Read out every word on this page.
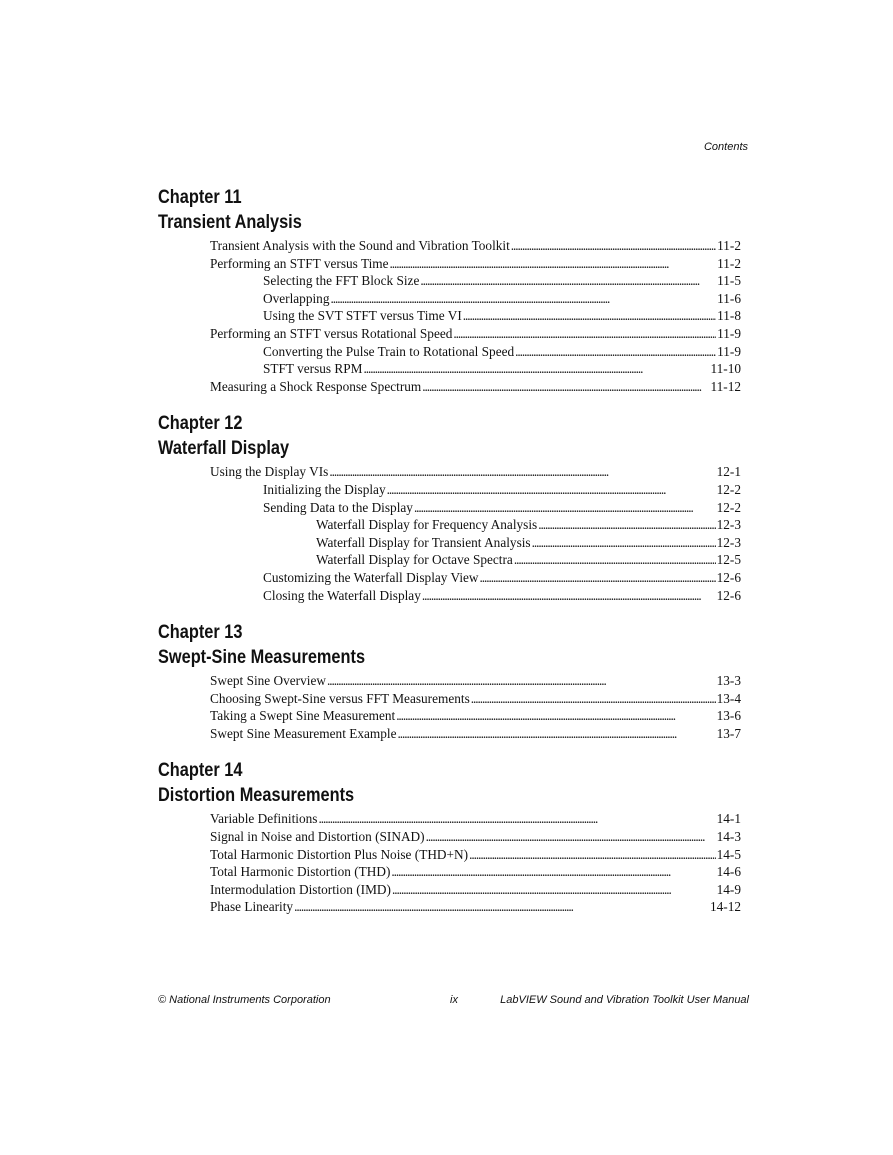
Contents
Chapter 11
Transient Analysis
Transient Analysis with the Sound and Vibration Toolkit . . .	11-2
Performing an STFT versus Time . . .	11-2
Selecting the FFT Block Size . . .	11-5
Overlapping . . .	11-6
Using the SVT STFT versus Time VI . . .	11-8
Performing an STFT versus Rotational Speed . . .	11-9
Converting the Pulse Train to Rotational Speed . . .	11-9
STFT versus RPM . . .	11-10
Measuring a Shock Response Spectrum . . .	11-12
Chapter 12
Waterfall Display
Using the Display VIs . . .	12-1
Initializing the Display . . .	12-2
Sending Data to the Display . . .	12-2
Waterfall Display for Frequency Analysis . . .	12-3
Waterfall Display for Transient Analysis . . .	12-3
Waterfall Display for Octave Spectra . . .	12-5
Customizing the Waterfall Display View . . .	12-6
Closing the Waterfall Display . . .	12-6
Chapter 13
Swept-Sine Measurements
Swept Sine Overview . . .	13-3
Choosing Swept-Sine versus FFT Measurements . . .	13-4
Taking a Swept Sine Measurement . . .	13-6
Swept Sine Measurement Example . . .	13-7
Chapter 14
Distortion Measurements
Variable Definitions . . .	14-1
Signal in Noise and Distortion (SINAD) . . .	14-3
Total Harmonic Distortion Plus Noise (THD+N) . . .	14-5
Total Harmonic Distortion (THD) . . .	14-6
Intermodulation Distortion (IMD) . . .	14-9
Phase Linearity . . .	14-12
© National Instruments Corporation	ix	LabVIEW Sound and Vibration Toolkit User Manual
